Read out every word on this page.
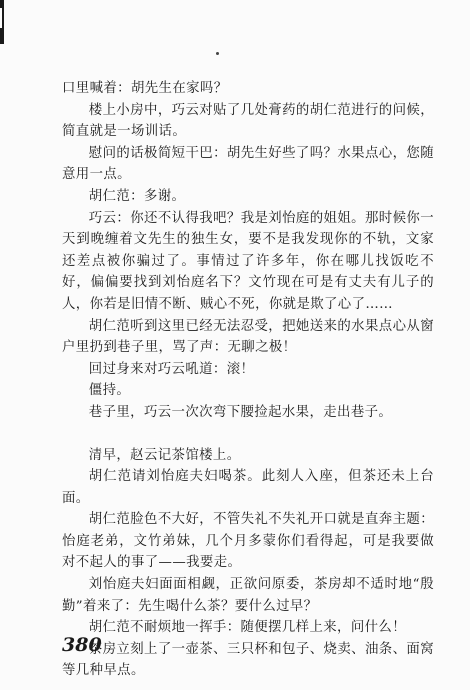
口里喊着：胡先生在家吗？

楼上小房中，巧云对贴了几处膏药的胡仁范进行的问候，简直就是一场训话。

慰问的话极简短干巴：胡先生好些了吗？水果点心，您随意用一点。

胡仁范：多谢。

巧云：你还不认得我吧？我是刘怡庭的姐姐。那时候你一天到晚缠着文先生的独生女，要不是我发现你的不轨，文家还差点被你骗过了。事情过了许多年，你在哪儿找饭吃不好，偏偏要找到刘怡庭名下？文竹现在可是有丈夫有儿子的人，你若是旧情不断、贼心不死，你就是欺了心了……

胡仁范听到这里已经无法忍受，把她送来的水果点心从窗户里扔到巷子里，骂了声：无聊之极！

回过身来对巧云吼道：滚！

僵持。

巷子里，巧云一次次弯下腰捡起水果，走出巷子。

清早，赵云记茶馆楼上。

胡仁范请刘怡庭夫妇喝茶。此刻人入座，但茶还未上台面。

胡仁范脸色不大好，不管失礼不失礼开口就是直奔主题：怡庭老弟，文竹弟妹，几个月多蒙你们看得起，可是我要做对不起人的事了——我要走。

刘怡庭夫妇面面相觑，正欲问原委，茶房却不适时地“殷勤”着来了：先生喝什么茶？要什么过早？

胡仁范不耐烦地一挥手：随便摆几样上来，问什么！

茶房立刻上了一壶茶、三只杯和包子、烧卖、油条、面窝等几种早点。

380
